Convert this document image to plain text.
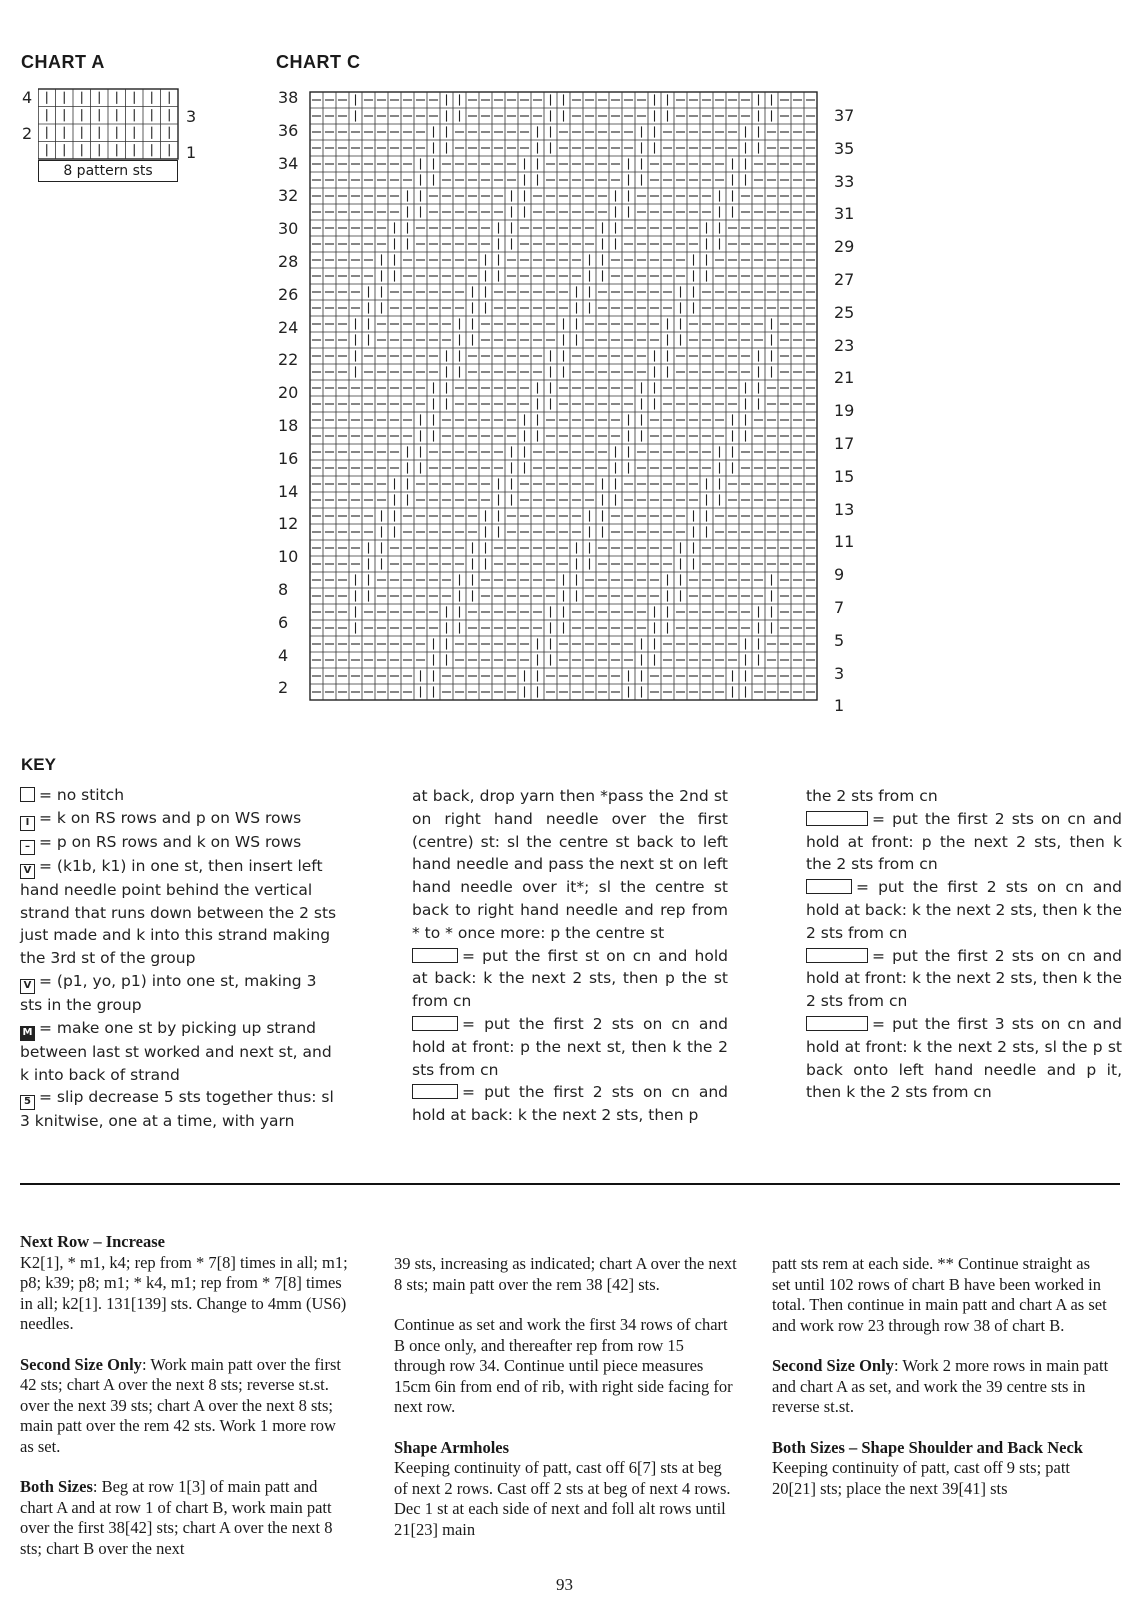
CHART A	CHART C
4
2
3
1
8 pattern sts
38
36
34
32
30
28
26
24
22
20
18
16
14
12
10
8
6
4
2
37
35
33
31
29
27
25
23
21
19
17
15
13
11
9
7
5
3
1
KEY

= no stitch

I = k on RS rows and p on WS rows

– = p on RS rows and k on WS rows

V = (k1b, k1) in one st, then insert left hand needle point behind the vertical strand that runs down between the 2 sts just made and k into this strand making the 3rd st of the group

V = (p1, yo, p1) into one st, making 3 sts in the group

M = make one st by picking up strand between last st worked and next st, and k into back of strand

5 = slip decrease 5 sts together thus: sl 3 knitwise, one at a time, with yarn

at back, drop yarn then *pass the 2nd st on right hand needle over the first (centre) st: sl the centre st back to left hand needle and pass the next st on left hand needle over it*; sl the centre st back to right hand needle and rep from * to * once more: p the centre st

= put the first st on cn and hold at back: k the next 2 sts, then p the st from cn

= put the first 2 sts on cn and hold at front: p the next st, then k the 2 sts from cn

= put the first 2 sts on cn and hold at back: k the next 2 sts, then p

the 2 sts from cn

= put the first 2 sts on cn and hold at front: p the next 2 sts, then k the 2 sts from cn

= put the first 2 sts on cn and hold at back: k the next 2 sts, then k the 2 sts from cn

= put the first 2 sts on cn and hold at front: k the next 2 sts, then k the 2 sts from cn

= put the first 3 sts on cn and hold at front: k the next 2 sts, sl the p st back onto left hand needle and p it, then k the 2 sts from cn

Next Row – Increase

K2[1], * m1, k4; rep from * 7[8] times in all; m1; p8; k39; p8; m1; * k4, m1; rep from * 7[8] times in all; k2[1]. 131[139] sts. Change to 4mm (US6) needles.

Second Size Only: Work main patt over the first 42 sts; chart A over the next 8 sts; reverse st.st. over the next 39 sts; chart A over the next 8 sts; main patt over the rem 42 sts. Work 1 more row as set.

Both Sizes: Beg at row 1[3] of main patt and chart A and at row 1 of chart B, work main patt over the first 38[42] sts; chart A over the next 8 sts; chart B over the next

39 sts, increasing as indicated; chart A over the next 8 sts; main patt over the rem 38 [42] sts.

Continue as set and work the first 34 rows of chart B once only, and thereafter rep from row 15 through row 34. Continue until piece measures 15cm 6in from end of rib, with right side facing for next row.

Shape Armholes

Keeping continuity of patt, cast off 6[7] sts at beg of next 2 rows. Cast off 2 sts at beg of next 4 rows. Dec 1 st at each side of next and foll alt rows until 21[23] main

patt sts rem at each side. ** Continue straight as set until 102 rows of chart B have been worked in total. Then continue in main patt and chart A as set and work row 23 through row 38 of chart B.

Second Size Only: Work 2 more rows in main patt and chart A as set, and work the 39 centre sts in reverse st.st.

Both Sizes – Shape Shoulder and Back Neck

Keeping continuity of patt, cast off 9 sts; patt 20[21] sts; place the next 39[41] sts

93
